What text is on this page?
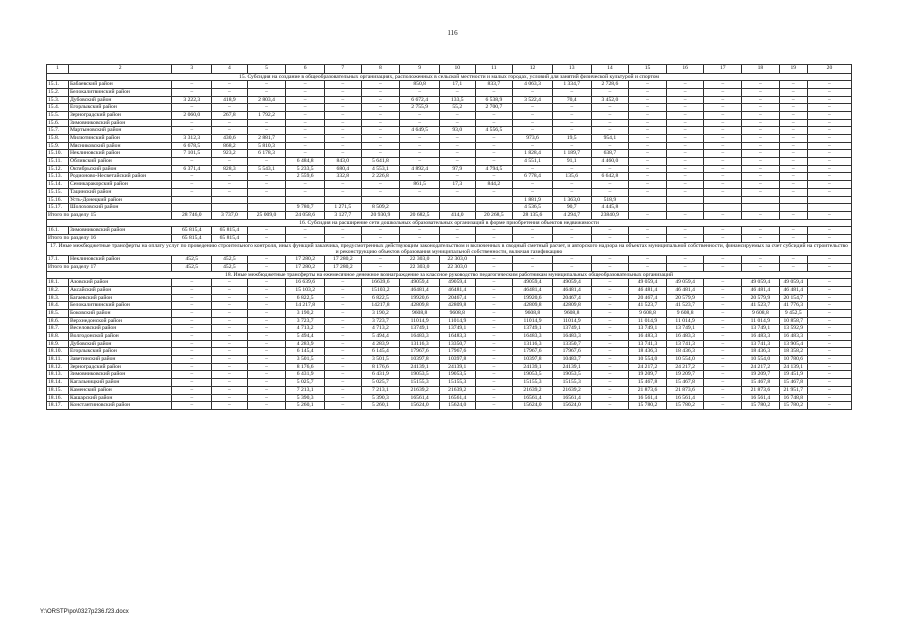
116
1	2	3	4	5	6	7	8	9	10	11	12	13	14	15	16	17	18	19	20
15. Субсидия на создание в общеобразовательных организациях, расположенных в сельской местности и малых городах, условий для занятий физической культурой и спортом																			
15.1.	Бабаевский район	–	–	–	–	–	–	850,8	17,1	833,7	4 063,3	1 334,7	2 728,6	–	–	–	–	–	–
15.2.	Белокалитвинский район	–	–	–	–	–	–	–	–	–	–	–	–	–	–	–	–	–	–
15.3.	Дубовский район	3 222,3	418,9	2 803,4	–	–	–	6 672,4	133,5	6 538,9	3 522,4	70,4	3 452,0	–	–	–	–	–	–
15.4.	Егорлыкский район	–	–	–	–	–	–	2 755,9	55,2	2 700,7	–	–	–	–	–	–	–	–	–
15.5.	Зерноградский район	2 060,0	267,8	1 792,2	–	–	–	–	–	–	–	–	–	–	–	–	–	–	–
15.6.	Зимовниковский район	–	–	–	–	–	–	–	–	–	–	–	–	–	–	–	–	–	–
15.7.	Мартыновский район	–	–	–	–	–	–	4 649,5	93,0	4 556,5	–	–	–	–	–	–	–	–	–
15.8.	Милютинский район	3 312,3	430,6	2 881,7	–	–	–	–	–	–	973,6	19,5	954,1	–	–	–	–	–	–
15.9.	Мясниковский район	6 678,5	868,2	5 810,3	–	–	–	–	–	–	–	–	–	–	–	–	–	–	–
15.10.	Неклиновский район	7 101,5	923,2	6 178,3	–	–	–	–	–	–	1 828,4	1 189,7	638,7	–	–	–	–	–	–
15.11.	Обливский район	–	–	–	6 484,8	843,0	5 641,8	–	–	–	4 551,1	91,1	4 460,0	–	–	–	–	–	–
15.12.	Октябрьский район	6 371,4	828,3	5 543,1	5 233,5	680,4	4 553,1	4 892,4	97,9	4 794,5	–	–	–	–	–	–	–	–	–
15.13.	Родионово-Несветайский район	–	–	–	2 559,6	332,8	2 226,8	–	–	–	6 778,4	135,6	6 642,8	–	–	–	–	–	–
15.14.	Семикаракорский район	–	–	–	–	–	–	861,5	17,3	844,2	–	–	–	–	–	–	–	–	–
15.15.	Тацинский район	–	–	–	–	–	–	–	–	–	–	–	–	–	–	–	–	–	–
15.16.	Усть-Донецкий район										1 881,9	1 363,0	518,9						
15.17.	Шолоховский район				9 780,7	1 271,5	8 509,2				4 536,5	90,7	4 445,8						
Итого по разделу 15		28 746,0	3 737,0	25 009,0	24 058,6	3 127,7	20 930,9	20 682,5	414,0	20 268,5	28 135,6	4 294,7	23840,9	–	–	–	–	–	–
16. Субсидия на расширение сети дошкольных образовательных организаций в форме приобретения объектов недвижимости																			
16.1.	Зимовниковский район	65 815,4	65 815,4	–	–	–	–	–	–	–	–	–	–	–	–	–	–	–	–
Итого по разделу 16		65 815,4	65 815,4	–	–	–	–	–	–	–	–	–	–	–	–	–	–	–	–
17. Иные межбюджетные трансферты на оплату услуг по проведению строительного контроля, иных функций заказчика, предусмотренных действующим законодательством и включенных в сводный сметный расчет, и авторского надзора на объектах муниципальной собственности, финансируемых за счет субсидий на строительство и реконструкцию объектов образования муниципальной собственности, включая газификацию																			
17.1.	Неклиновский район	452,5	452,5	–	17 280,2	17 280,2	–	22 303,0	22 303,0	–	–	–	–	–	–	–	–	–	–
Итого по разделу 17		452,5	452,5	–	17 280,2	17 280,2	–	22 303,0	22 303,0	–	–	–	–	–	–	–	–	–	–
18. Иные межбюджетные трансферты на ежемесячное денежное вознаграждение за классное руководство педагогическим работникам муниципальных общеобразовательных организаций																			
18.1.	Азовский район	–	–	–	16 639,6	–	16639,6	49059,4	49059,4	–	49059,4	49059,4	–	49 059,4	49 059,4	–	49 059,4	49 059,4	–
18.2.	Аксайский район	–	–	–	15 103,2	–	15103,2	46481,4	46481,4	–	46481,4	46481,4	–	46 481,4	46 481,4	–	46 481,4	46 481,4	–
18.3.	Багаевский район	–	–	–	6 822,5	–	6 822,5	19920,6	20467,4	–	19920,6	20467,4	–	20 467,4	20 579,9	–	20 579,9	20 154,7	–
18.4.	Белокалитвинский район	–	–	–	14 217,8	–	14217,8	42809,8	42809,8	–	42809,8	42809,8	–	41 523,7	41 523,7	–	41 523,7	41 776,3	–
18.5.	Боковский район	–	–	–	3 190,2	–	3 190,2	9608,8	9608,8	–	9608,8	9608,8	–	9 608,8	9 608,8	–	9 608,8	9 452,5	–
18.6.	Верхнедонской район	–	–	–	3 723,7	–	3 723,7	11014,9	11014,9	–	11014,9	11014,9	–	11 014,9	11 014,9	–	11 014,9	10 858,7	–
18.7.	Веселовский район	–	–	–	4 713,2	–	4 713,2	13749,1	13749,1	–	13749,1	13749,1	–	13 749,1	13 749,1	–	13 749,1	13 592,9	–
18.8.	Волгодонской район	–	–	–	5 494,4	–	5 494,4	16483,3	16483,3	–	16483,3	16483,3	–	16 483,3	16 483,3	–	16 483,3	16 483,3	–
18.9.	Дубовский район	–	–	–	4 283,9	–	4 283,9	13116,3	13350,7	–	13116,3	13350,7	–	13 741,3	13 741,3	–	13 741,3	13 905,4	–
18.10.	Егорлыкский район	–	–	–	6 145,4	–	6 145,4	17967,6	17967,6	–	17967,6	17967,6	–	18 436,3	18 436,3	–	18 436,3	18 358,2	–
18.11.	Заветинский район	–	–	–	3 501,5	–	3 501,5	10397,8	10397,8	–	10397,8	10483,7	–	10 554,0	10 554,0	–	10 554,0	10 780,6	–
18.12.	Зерноградский район	–	–	–	8 176,6	–	8 176,6	24139,1	24139,1	–	24139,1	24139,1	–	24 217,2	24 217,2	–	24 217,2	24 139,1	–
18.13.	Зимовниковский район	–	–	–	6 431,9	–	6 431,9	19053,5	19053,5	–	19053,5	19053,5	–	19 209,7	19 209,7	–	19 209,7	19 451,9	–
18.14.	Кагальницкий район	–	–	–	5 025,7	–	5 025,7	15155,3	15155,3	–	15155,3	15155,3	–	15 467,8	15 467,8	–	15 467,8	15 467,8	–
18.15.	Каменский район	–	–	–	7 213,1	–	7 213,1	21639,2	21639,2	–	21639,2	21639,2	–	21 873,6	21 873,6	–	21 873,6	21 951,7	–
18.16.	Кашарский район	–	–	–	5 390,3	–	5 390,3	16561,4	16561,4	–	16561,4	16561,4	–	16 561,4	16 561,4	–	16 561,4	16 748,8	–
18.17.	Константиновский район	–	–	–	5 260,1	–	5 260,1	15624,0	15624,0	–	15624,0	15624,0	–	15 780,2	15 780,2	–	15 780,2	15 780,2	–
Y:\ORSTP\po\0327p236.f23.docx
